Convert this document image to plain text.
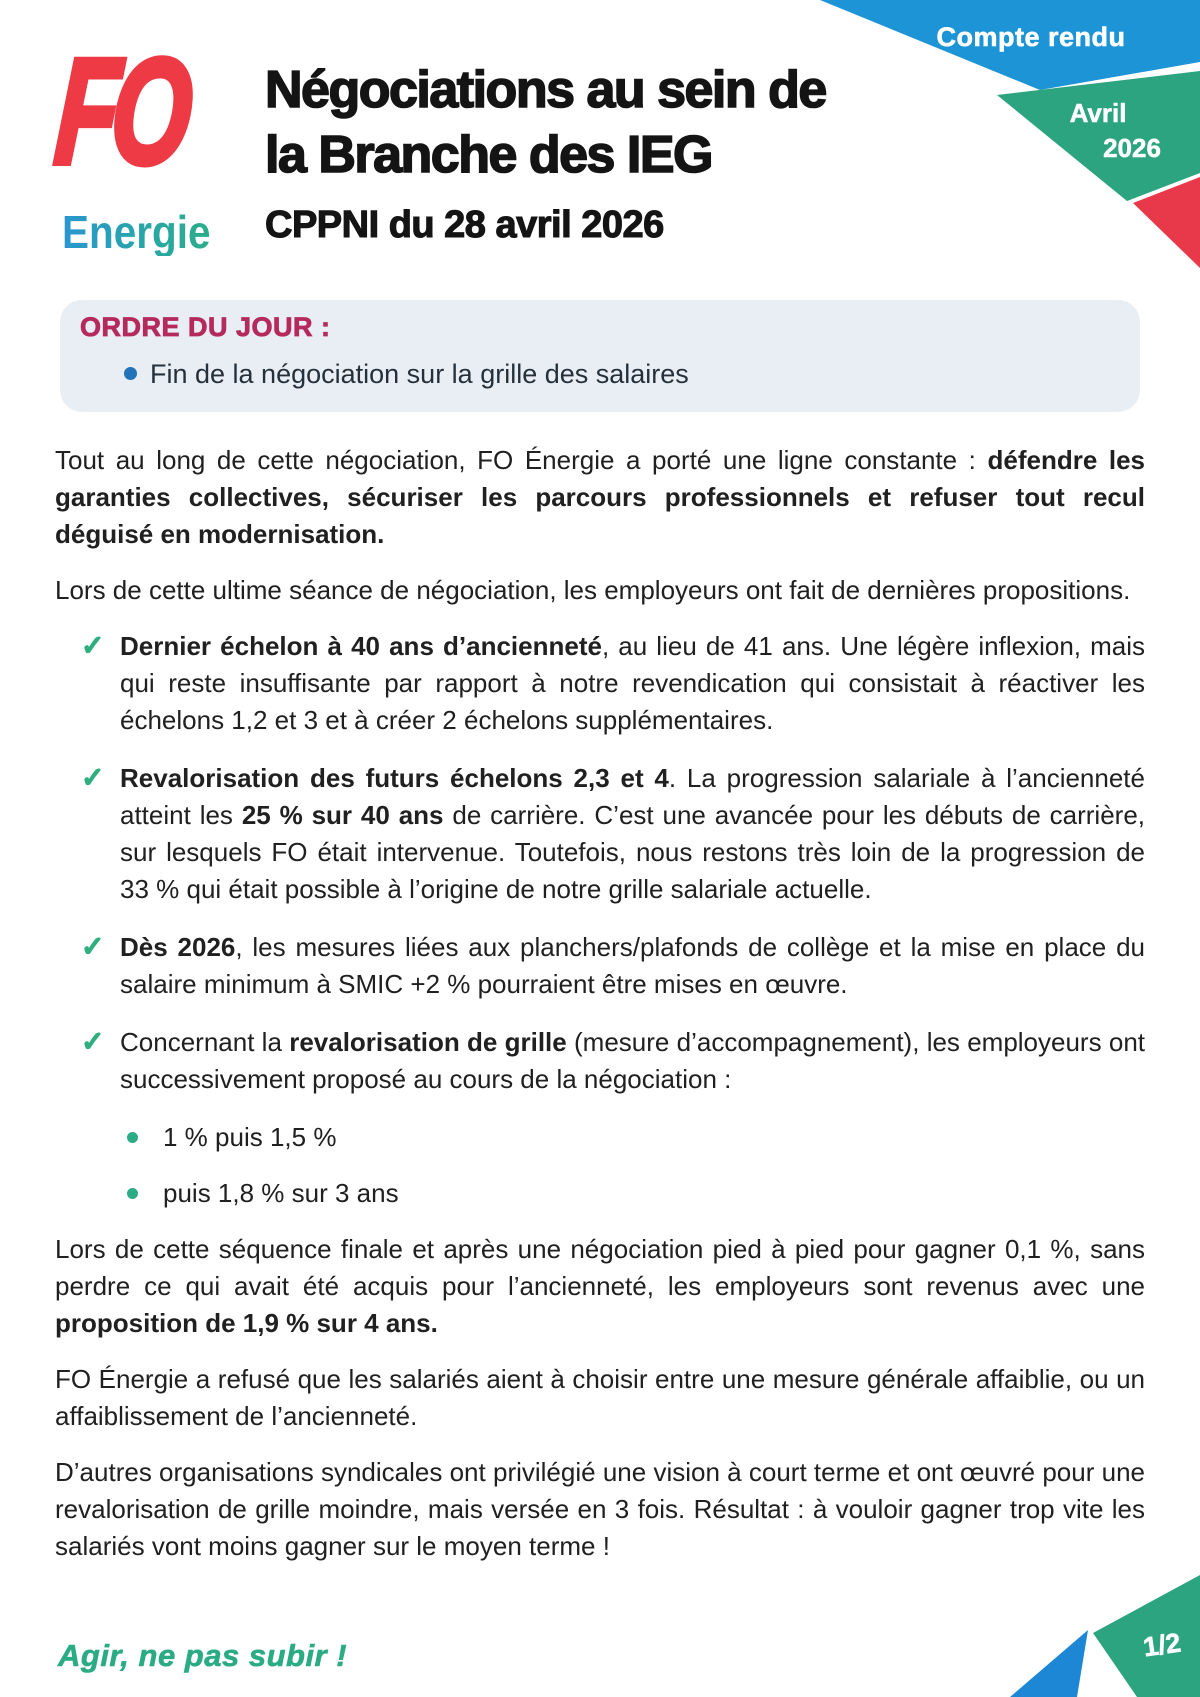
Compte rendu
Avril
2026
FO
Energie
Négociations au sein de
la Branche des IEG
CPPNI du 28 avril 2026
ORDRE DU JOUR :
Fin de la négociation sur la grille des salaires
Tout au long de cette négociation, FO Énergie a porté une ligne constante : défendre les garanties collectives, sécuriser les parcours professionnels et refuser tout recul déguisé en modernisation.
Lors de cette ultime séance de négociation, les employeurs ont fait de dernières propositions.
✓ Dernier échelon à 40 ans d’ancienneté, au lieu de 41 ans. Une légère inflexion, mais qui reste insuffisante par rapport à notre revendication qui consistait à réactiver les échelons 1,2 et 3 et à créer 2 échelons supplémentaires.
✓ Revalorisation des futurs échelons 2,3 et 4. La progression salariale à l’ancienneté atteint les 25 % sur 40 ans de carrière. C’est une avancée pour les débuts de carrière, sur lesquels FO était intervenue. Toutefois, nous restons très loin de la progression de 33 % qui était possible à l’origine de notre grille salariale actuelle.
✓ Dès 2026, les mesures liées aux planchers/plafonds de collège et la mise en place du salaire minimum à SMIC +2 % pourraient être mises en œuvre.
✓ Concernant la revalorisation de grille (mesure d’accompagnement), les employeurs ont successivement proposé au cours de la négociation :
1 % puis 1,5 %
puis 1,8 % sur 3 ans
Lors de cette séquence finale et après une négociation pied à pied pour gagner 0,1 %, sans perdre ce qui avait été acquis pour l’ancienneté, les employeurs sont revenus avec une proposition de 1,9 % sur 4 ans.
FO Énergie a refusé que les salariés aient à choisir entre une mesure générale affaiblie, ou un affaiblissement de l’ancienneté.
D’autres organisations syndicales ont privilégié une vision à court terme et ont œuvré pour une revalorisation de grille moindre, mais versée en 3 fois. Résultat : à vouloir gagner trop vite les salariés vont moins gagner sur le moyen terme !
Agir, ne pas subir !	1/2
